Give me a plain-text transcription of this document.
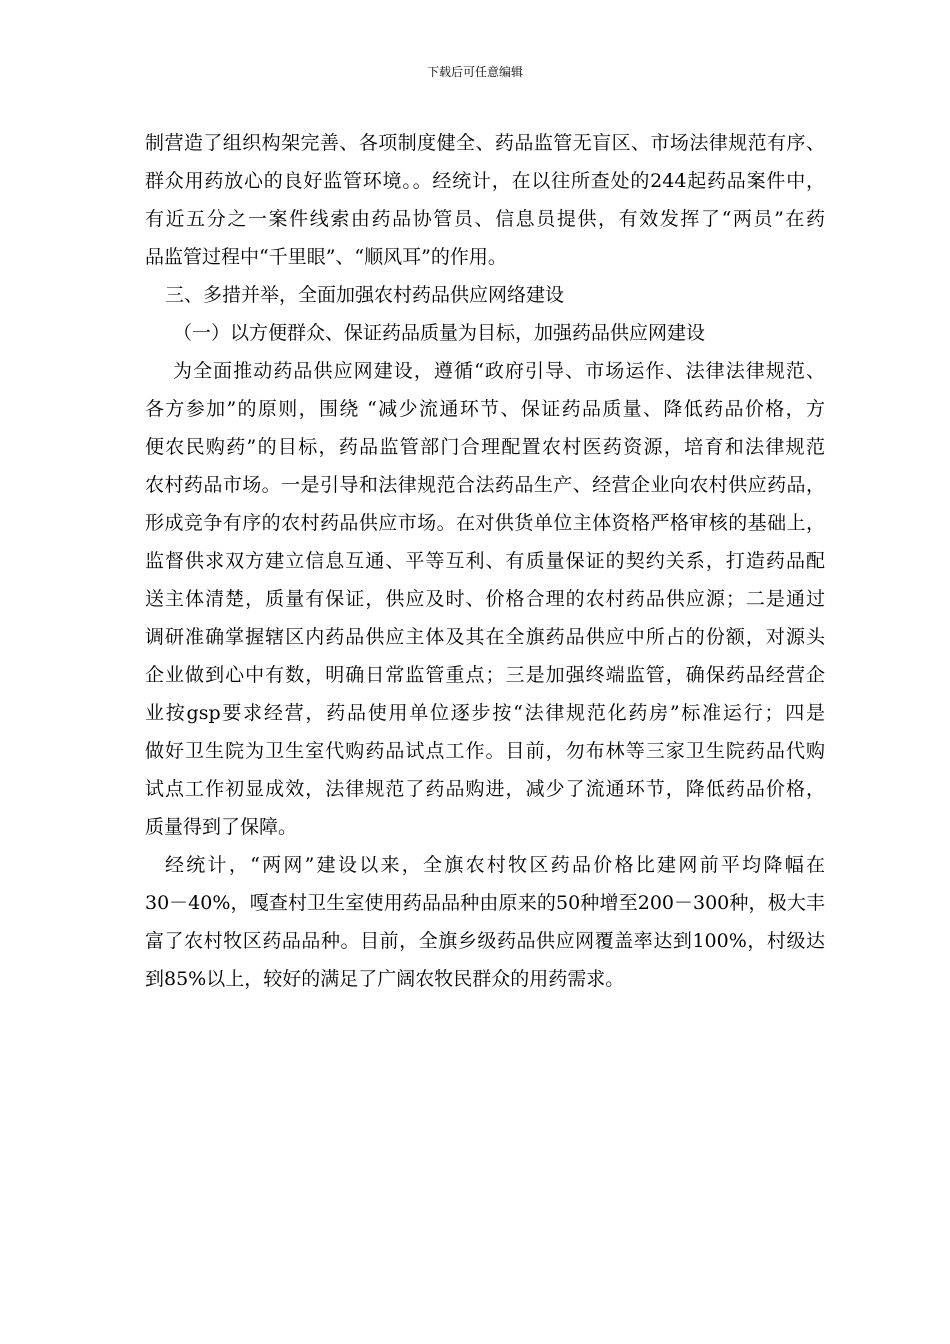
下载后可任意编辑
制营造了组织构架完善、各项制度健全、药品监管无盲区、市场法律规范有序、
群众用药放心的良好监管环境。。经统计，在以往所查处的244起药品案件中，
有近五分之一案件线索由药品协管员、信息员提供，有效发挥了“两员”在药
品监管过程中“千里眼”、“顺风耳”的作用。
三、多措并举，全面加强农村药品供应网络建设
（一）以方便群众、保证药品质量为目标，加强药品供应网建设
为全面推动药品供应网建设，遵循“政府引导、市场运作、法律法律规范、
各方参加”的原则，围绕 “减少流通环节、保证药品质量、降低药品价格，方
便农民购药”的目标，药品监管部门合理配置农村医药资源，培育和法律规范
农村药品市场。一是引导和法律规范合法药品生产、经营企业向农村供应药品，
形成竞争有序的农村药品供应市场。在对供货单位主体资格严格审核的基础上，
监督供求双方建立信息互通、平等互利、有质量保证的契约关系，打造药品配
送主体清楚，质量有保证，供应及时、价格合理的农村药品供应源；二是通过
调研准确掌握辖区内药品供应主体及其在全旗药品供应中所占的份额，对源头
企业做到心中有数，明确日常监管重点；三是加强终端监管，确保药品经营企
业按gsp要求经营，药品使用单位逐步按“法律规范化药房”标准运行；四是
做好卫生院为卫生室代购药品试点工作。目前，勿布林等三家卫生院药品代购
试点工作初显成效，法律规范了药品购进，减少了流通环节，降低药品价格，
质量得到了保障。
经统计，“两网”建设以来，全旗农村牧区药品价格比建网前平均降幅在
30－40%，嘎查村卫生室使用药品品种由原来的50种增至200－300种，极大丰
富了农村牧区药品品种。目前，全旗乡级药品供应网覆盖率达到100%，村级达
到85%以上，较好的满足了广阔农牧民群众的用药需求。
